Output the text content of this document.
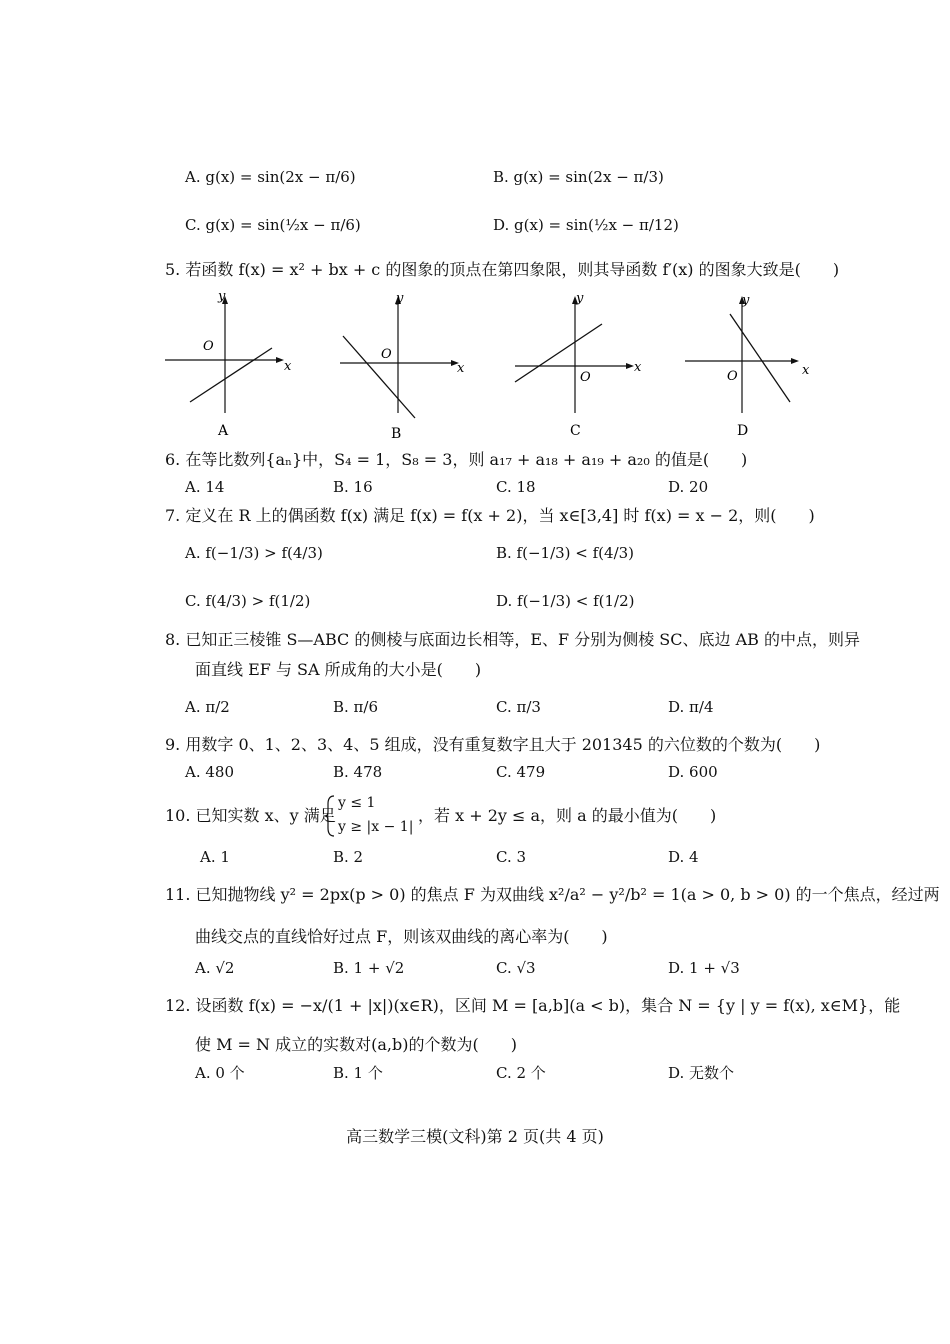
A. g(x) = sin(2x − π/6)	B. g(x) = sin(2x − π/3)
C. g(x) = sin(½x − π/6)	D. g(x) = sin(½x − π/12)
5. 若函数 f(x) = x² + bx + c 的图象的顶点在第四象限，则其导函数 f′(x) 的图象大致是(　　)
y
x
O
A
y
x
O
B
y
x
O
C
y
x
O
D
6. 在等比数列{aₙ}中，S₄ = 1，S₈ = 3，则 a₁₇ + a₁₈ + a₁₉ + a₂₀ 的值是(　　)
A. 14	B. 16	C. 18	D. 20
7. 定义在 R 上的偶函数 f(x) 满足 f(x) = f(x + 2)，当 x∈[3,4] 时 f(x) = x − 2，则(　　)
A. f(−1/3) > f(4/3)	B. f(−1/3) < f(4/3)
C. f(4/3) > f(1/2)	D. f(−1/3) < f(1/2)
8. 已知正三棱锥 S—ABC 的侧棱与底面边长相等，E、F 分别为侧棱 SC、底边 AB 的中点，则异
面直线 EF 与 SA 所成角的大小是(　　)
A. π/2	B. π/6	C. π/3	D. π/4
9. 用数字 0、1、2、3、4、5 组成，没有重复数字且大于 201345 的六位数的个数为(　　)
A. 480	B. 478	C. 479	D. 600
10. 已知实数 x、y 满足
y ≤ 1
y ≥ |x − 1|
，若 x + 2y ≤ a，则 a 的最小值为(　　)
A. 1	B. 2	C. 3	D. 4
11. 已知抛物线 y² = 2px(p > 0) 的焦点 F 为双曲线 x²/a² − y²/b² = 1(a > 0, b > 0) 的一个焦点，经过两
曲线交点的直线恰好过点 F，则该双曲线的离心率为(　　)
A. √2	B. 1 + √2	C. √3	D. 1 + √3
12. 设函数 f(x) = −x/(1 + |x|)(x∈R)，区间 M = [a,b](a < b)，集合 N = {y | y = f(x), x∈M}，能
使 M = N 成立的实数对(a,b)的个数为(　　)
A. 0 个	B. 1 个	C. 2 个	D. 无数个
高三数学三模(文科)第 2 页(共 4 页)
